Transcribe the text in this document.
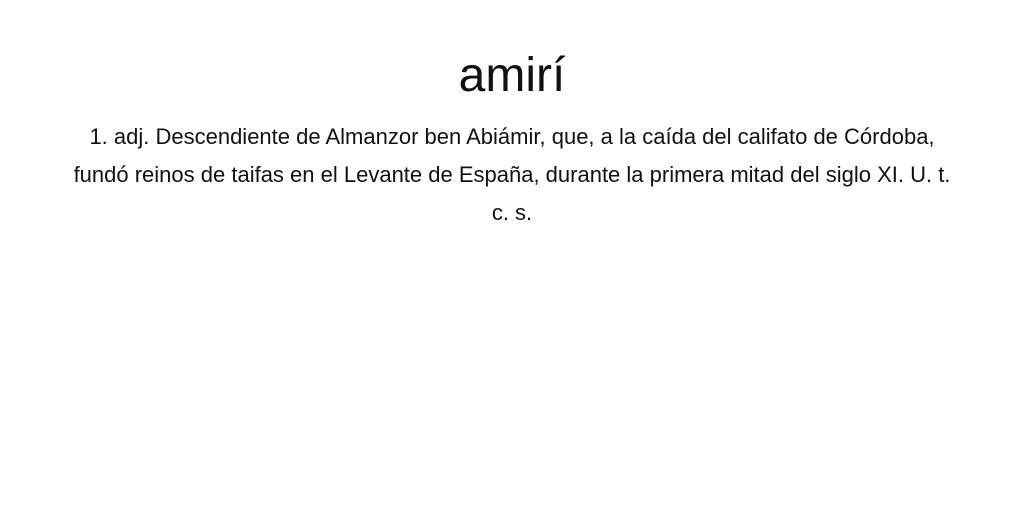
amirí

1. adj. Descendiente de Almanzor ben Abiámir, que, a la caída del califato de Córdoba, fundó reinos de taifas en el Levante de España, durante la primera mitad del siglo XI. U. t. c. s.
